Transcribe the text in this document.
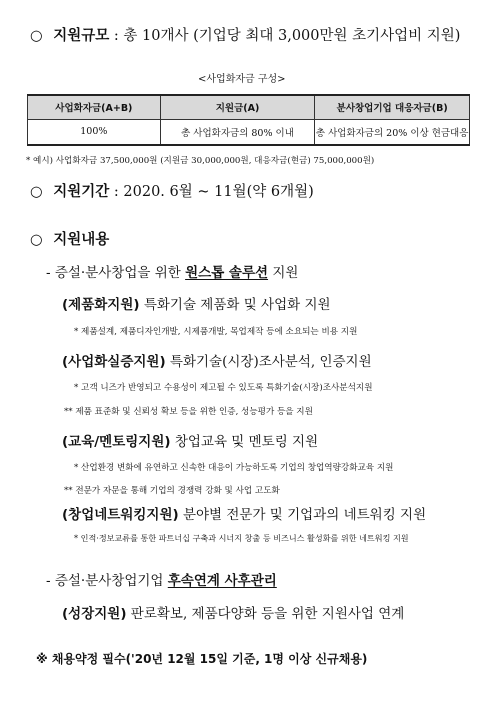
○ 지원규모 : 총 10개사 (기업당 최대 3,000만원 초기사업비 지원)
<사업화자금 구성>
사업화자금(A+B)	지원금(A)	분사창업기업 대응자금(B)
100%	총 사업화자금의 80% 이내	총 사업화자금의 20% 이상 현금대응
* 예시) 사업화자금 37,500,000원 (지원금 30,000,000원, 대응자금(현금) 75,000,000원)
○ 지원기간 : 2020. 6월 ~ 11월(약 6개월)
○ 지원내용
- 증설·분사창업을 위한 원스톱 솔루션 지원
(제품화지원) 특화기술 제품화 및 사업화 지원
* 제품설계, 제품디자인개발, 시제품개발, 목업제작 등에 소요되는 비용 지원
(사업화실증지원) 특화기술(시장)조사분석, 인증지원
* 고객 니즈가 반영되고 수용성이 제고될 수 있도록 특화기술(시장)조사분석지원
** 제품 표준화 및 신뢰성 확보 등을 위한 인증, 성능평가 등을 지원
(교육/멘토링지원) 창업교육 및 멘토링 지원
* 산업환경 변화에 유연하고 신속한 대응이 가능하도록 기업의 창업역량강화교육 지원
** 전문가 자문을 통해 기업의 경쟁력 강화 및 사업 고도화
(창업네트워킹지원) 분야별 전문가 및 기업과의 네트워킹 지원
* 인적·정보교류를 통한 파트너십 구축과 시너지 창출 등 비즈니스 활성화를 위한 네트워킹 지원
- 증설·분사창업기업 후속연계 사후관리
(성장지원) 판로확보, 제품다양화 등을 위한 지원사업 연계
※ 채용약정 필수('20년 12월 15일 기준, 1명 이상 신규채용)
